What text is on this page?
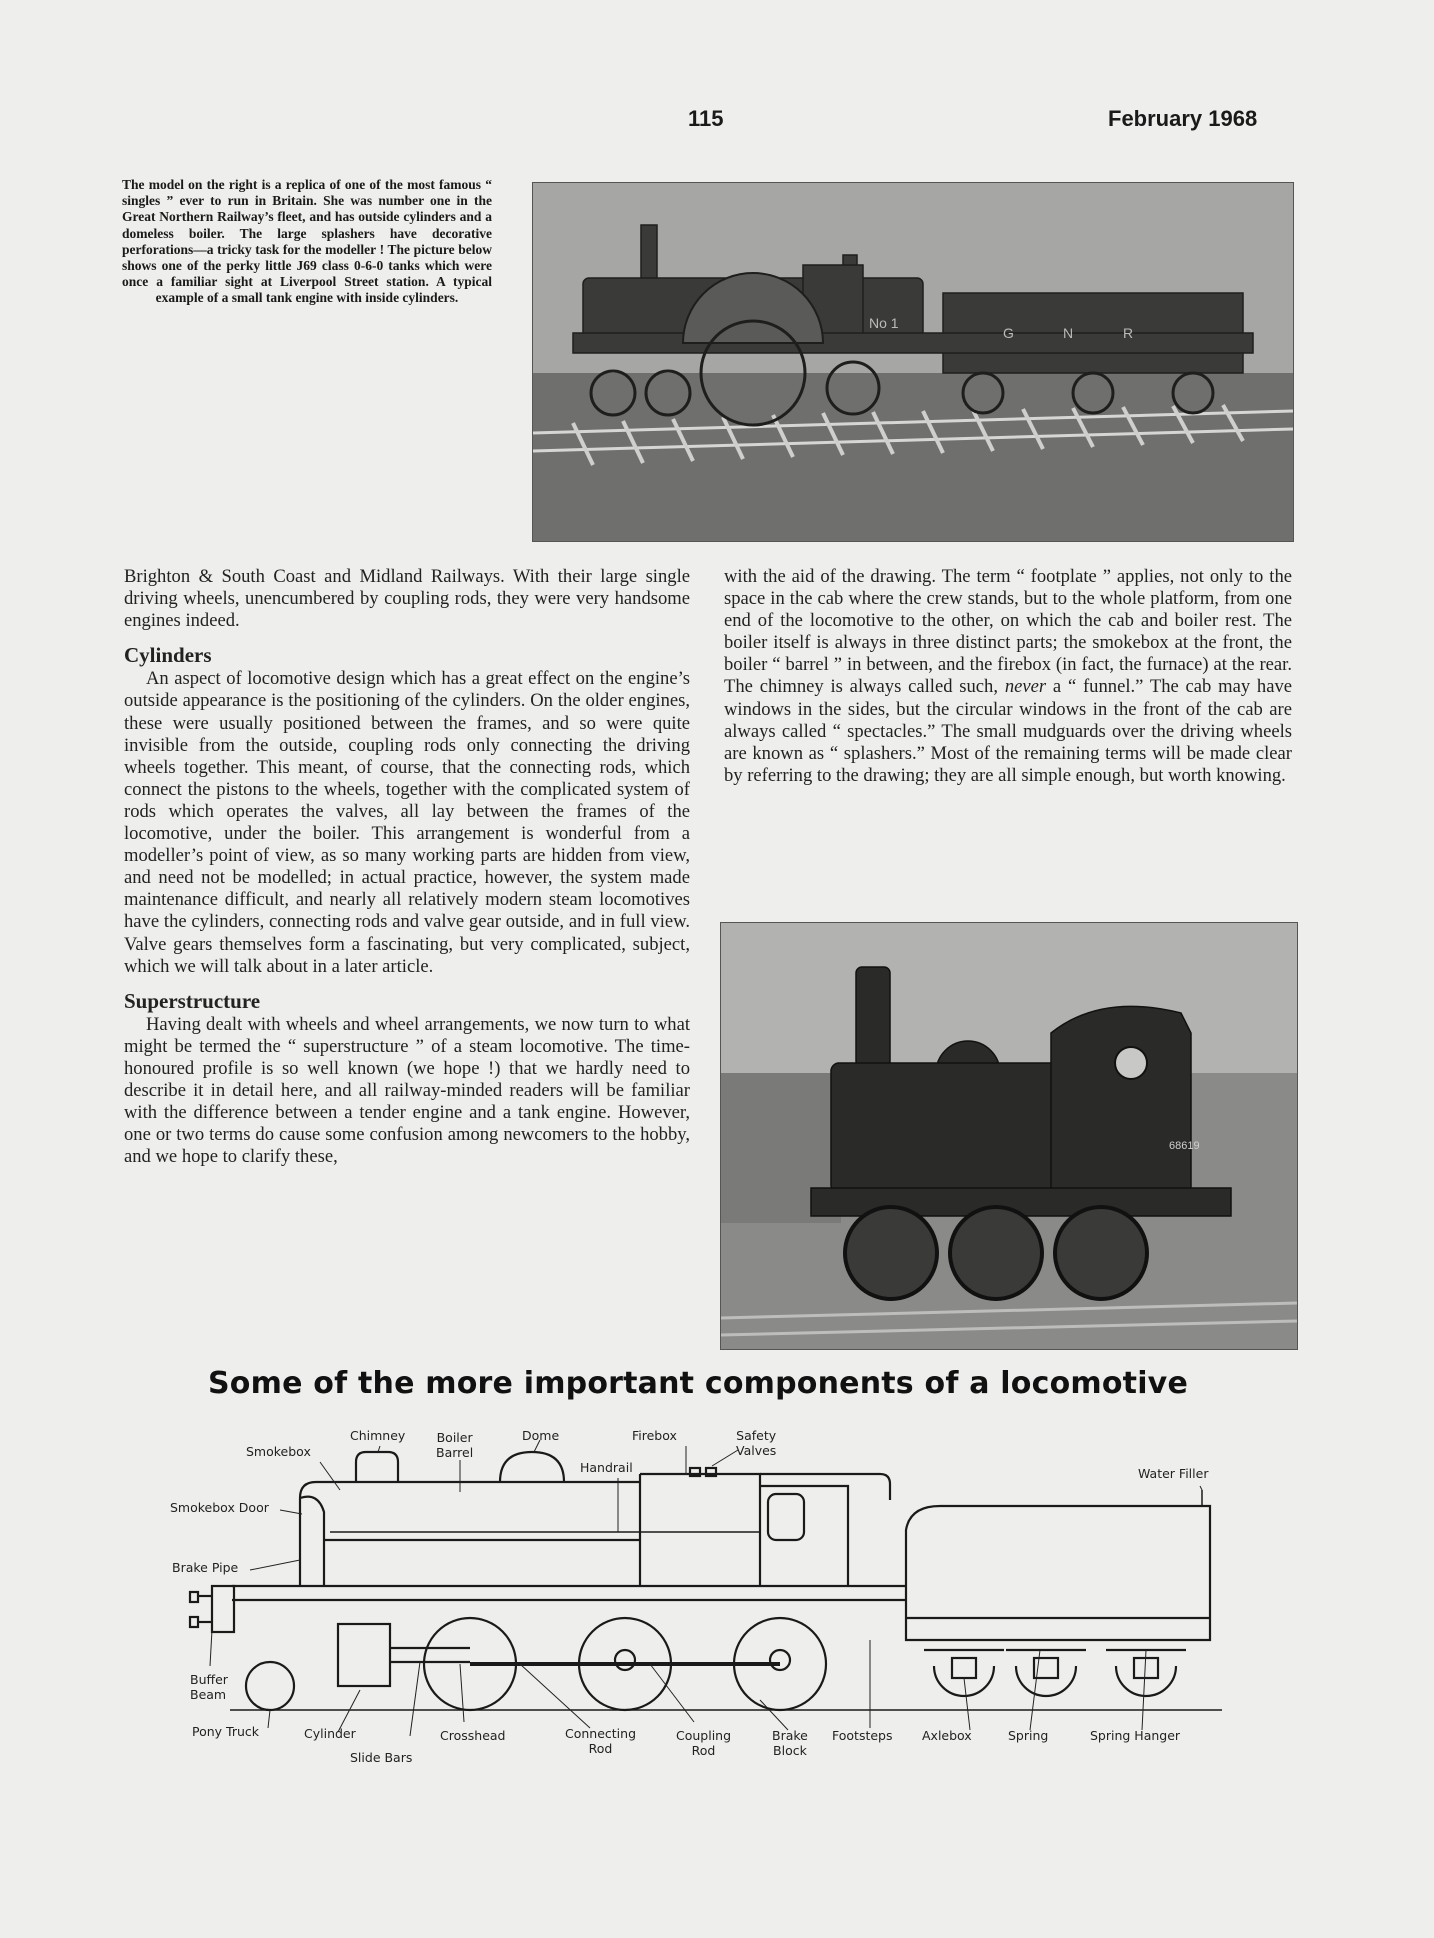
115	February 1968
The model on the right is a replica of one of the most famous “ singles ” ever to run in Britain. She was number one in the Great Northern Railway’s fleet, and has outside cylinders and a domeless boiler. The large splashers have decorative perforations—a tricky task for the modeller ! The picture below shows one of the perky little J69 class 0-6-0 tanks which were once a familiar sight at Liverpool Street station. A typical example of a small tank engine with inside cylinders.
No 1
G	N	R

Brighton & South Coast and Midland Railways. With their large single driving wheels, unencumbered by coupling rods, they were very handsome engines indeed.

Cylinders

An aspect of locomotive design which has a great effect on the engine’s outside appearance is the positioning of the cylinders. On the older engines, these were usually positioned between the frames, and so were quite invisible from the outside, coupling rods only connecting the driving wheels together. This meant, of course, that the connecting rods, which connect the pistons to the wheels, together with the complicated system of rods which operates the valves, all lay between the frames of the locomotive, under the boiler. This arrangement is wonderful from a modeller’s point of view, as so many working parts are hidden from view, and need not be modelled; in actual practice, however, the system made maintenance difficult, and nearly all relatively modern steam locomotives have the cylinders, connecting rods and valve gear outside, and in full view. Valve gears themselves form a fascinating, but very complicated, subject, which we will talk about in a later article.

Superstructure

Having dealt with wheels and wheel arrangements, we now turn to what might be termed the “ superstructure ” of a steam locomotive. The time-honoured profile is so well known (we hope !) that we hardly need to describe it in detail here, and all railway-minded readers will be familiar with the difference between a tender engine and a tank engine. However, one or two terms do cause some confusion among newcomers to the hobby, and we hope to clarify these,

with the aid of the drawing. The term “ footplate ” applies, not only to the space in the cab where the crew stands, but to the whole platform, from one end of the locomotive to the other, on which the cab and boiler rest. The boiler itself is always in three distinct parts; the smokebox at the front, the boiler “ barrel ” in between, and the firebox (in fact, the furnace) at the rear. The chimney is always called such, never a “ funnel.” The cab may have windows in the sides, but the circular windows in the front of the cab are always called “ spectacles.” The small mudguards over the driving wheels are known as “ splashers.” Most of the remaining terms will be made clear by referring to the drawing; they are all simple enough, but worth knowing.

68619
Some of the more important components of a locomotive
Chimney
Smokebox
Boiler
Barrel
Dome	Firebox	Safety
Valves
Handrail	Water Filler
Smokebox Door
Brake Pipe
Buffer
Beam
Pony Truck	Cylinder
Slide Bars
Crosshead	Connecting
Rod
Coupling
Rod
Brake
Block
Footsteps Axlebox	Spring	Spring Hanger
